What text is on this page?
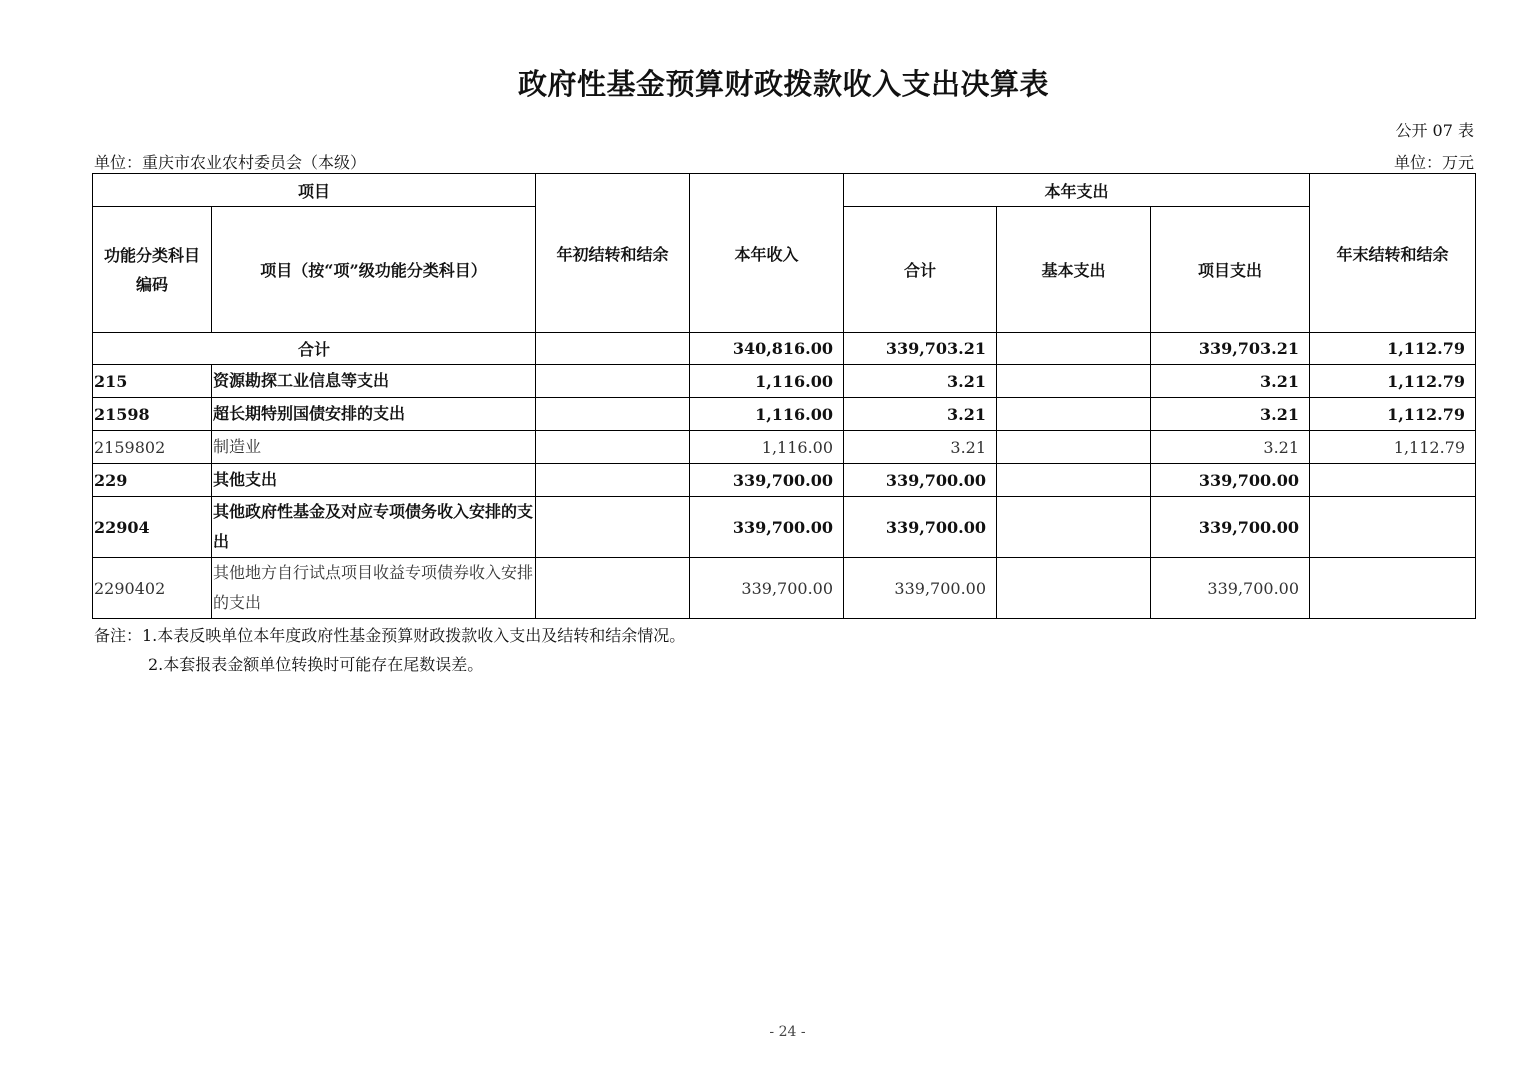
政府性基金预算财政拨款收入支出决算表
公开 07 表
单位：重庆市农业农村委员会（本级）	单位：万元
项目		年初结转和结余	本年收入	本年支出			年末结转和结余
功能分类科目编码	项目（按“项”级功能分类科目）			合计	基本支出	项目支出	
合计			340,816.00	339,703.21		339,703.21	1,112.79
215	资源勘探工业信息等支出		1,116.00	3.21		3.21	1,112.79
21598	超长期特别国债安排的支出		1,116.00	3.21		3.21	1,112.79
2159802	制造业		1,116.00	3.21		3.21	1,112.79
229	其他支出		339,700.00	339,700.00		339,700.00	
22904	其他政府性基金及对应专项债务收入安排的支出		339,700.00	339,700.00		339,700.00	
2290402	其他地方自行试点项目收益专项债券收入安排的支出		339,700.00	339,700.00		339,700.00	
备注：1.本表反映单位本年度政府性基金预算财政拨款收入支出及结转和结余情况。
2.本套报表金额单位转换时可能存在尾数误差。
- 24 -
